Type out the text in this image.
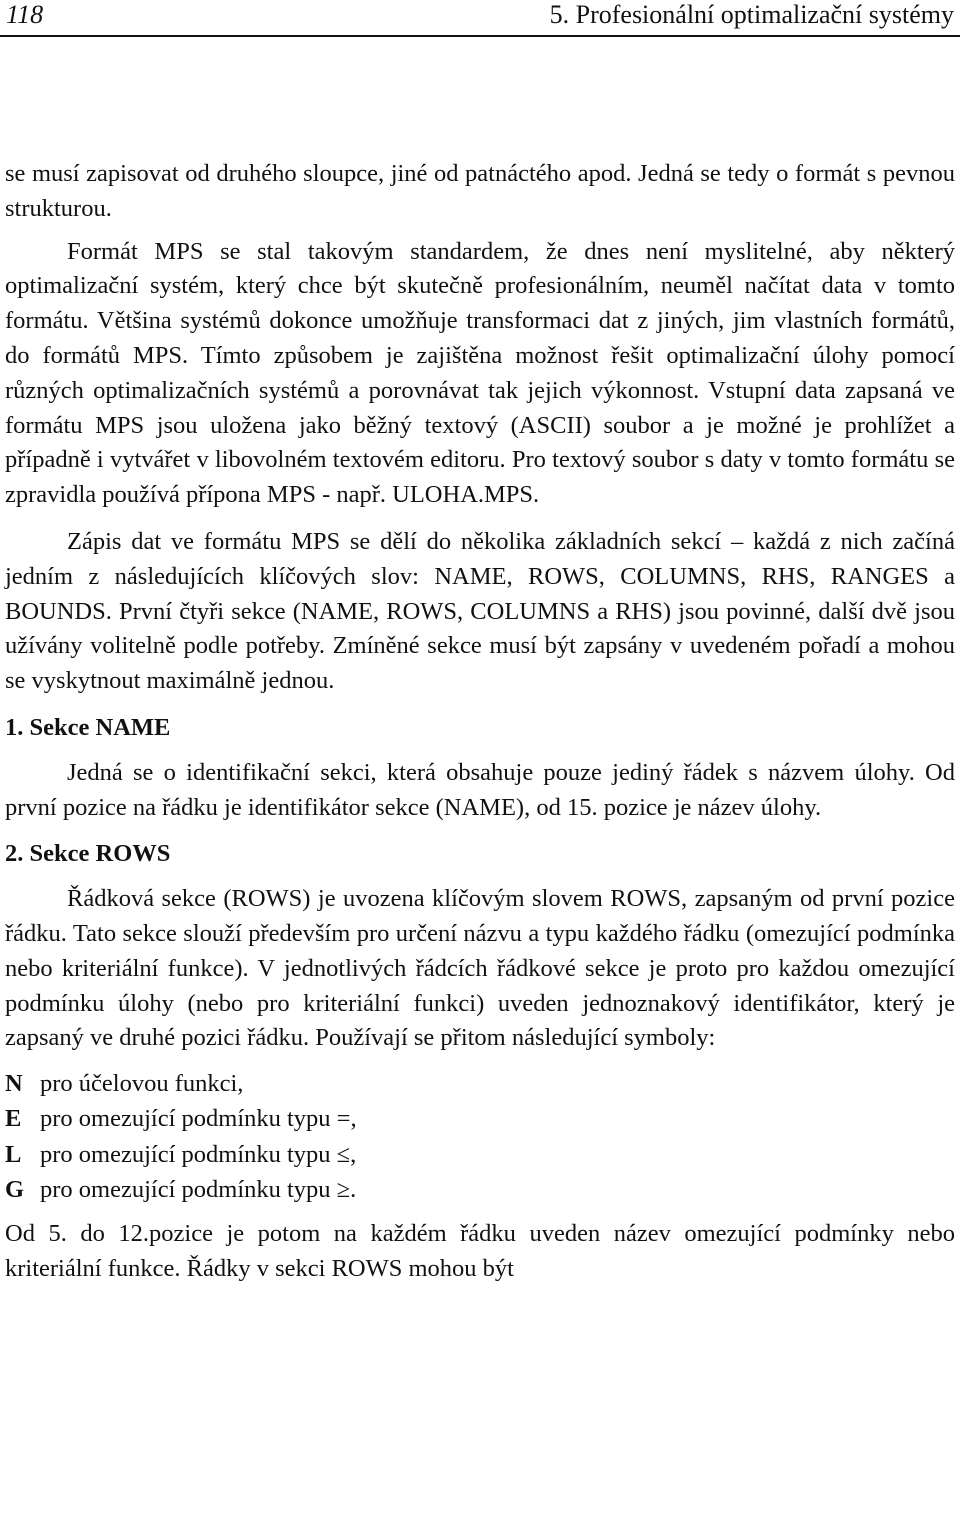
118	5. Profesionální optimalizační systémy

se musí zapisovat od druhého sloupce, jiné od patnáctého apod. Jedná se tedy o formát s pevnou strukturou.

Formát MPS se stal takovým standardem, že dnes není myslitelné, aby některý optimalizační systém, který chce být skutečně profesionálním, neuměl načítat data v tomto formátu. Většina systémů dokonce umožňuje transformaci dat z jiných, jim vlastních formátů, do formátů MPS. Tímto způsobem je zajištěna možnost řešit optimalizační úlohy pomocí různých optimalizačních systémů a porovnávat tak jejich výkonnost. Vstupní data zapsaná ve formátu MPS jsou uložena jako běžný textový (ASCII) soubor a je možné je prohlížet a případně i vytvářet v libovolném textovém editoru. Pro textový soubor s daty v tomto formátu se zpravidla používá přípona MPS - např. ULOHA.MPS.

Zápis dat ve formátu MPS se dělí do několika základních sekcí – každá z nich začíná jedním z následujících klíčových slov: NAME, ROWS, COLUMNS, RHS, RANGES a BOUNDS. První čtyři sekce (NAME, ROWS, COLUMNS a RHS) jsou povinné, další dvě jsou užívány volitelně podle potřeby. Zmíněné sekce musí být zapsány v uvedeném pořadí a mohou se vyskytnout maximálně jednou.

1. Sekce NAME

Jedná se o identifikační sekci, která obsahuje pouze jediný řádek s názvem úlohy. Od první pozice na řádku je identifikátor sekce (NAME), od 15. pozice je název úlohy.

2. Sekce ROWS

Řádková sekce (ROWS) je uvozena klíčovým slovem ROWS, zapsaným od první pozice řádku. Tato sekce slouží především pro určení názvu a typu každého řádku (omezující podmínka nebo kriteriální funkce). V jednotlivých řádcích řádkové sekce je proto pro každou omezující podmínku úlohy (nebo pro kriteriální funkci) uveden jednoznakový identifikátor, který je zapsaný ve druhé pozici řádku. Používají se přitom následující symboly:

N pro účelovou funkci,
E pro omezující podmínku typu =,
L pro omezující podmínku typu ≤,
G pro omezující podmínku typu ≥.

Od 5. do 12.pozice je potom na každém řádku uveden název omezující podmínky nebo kriteriální funkce. Řádky v sekci ROWS mohou být
